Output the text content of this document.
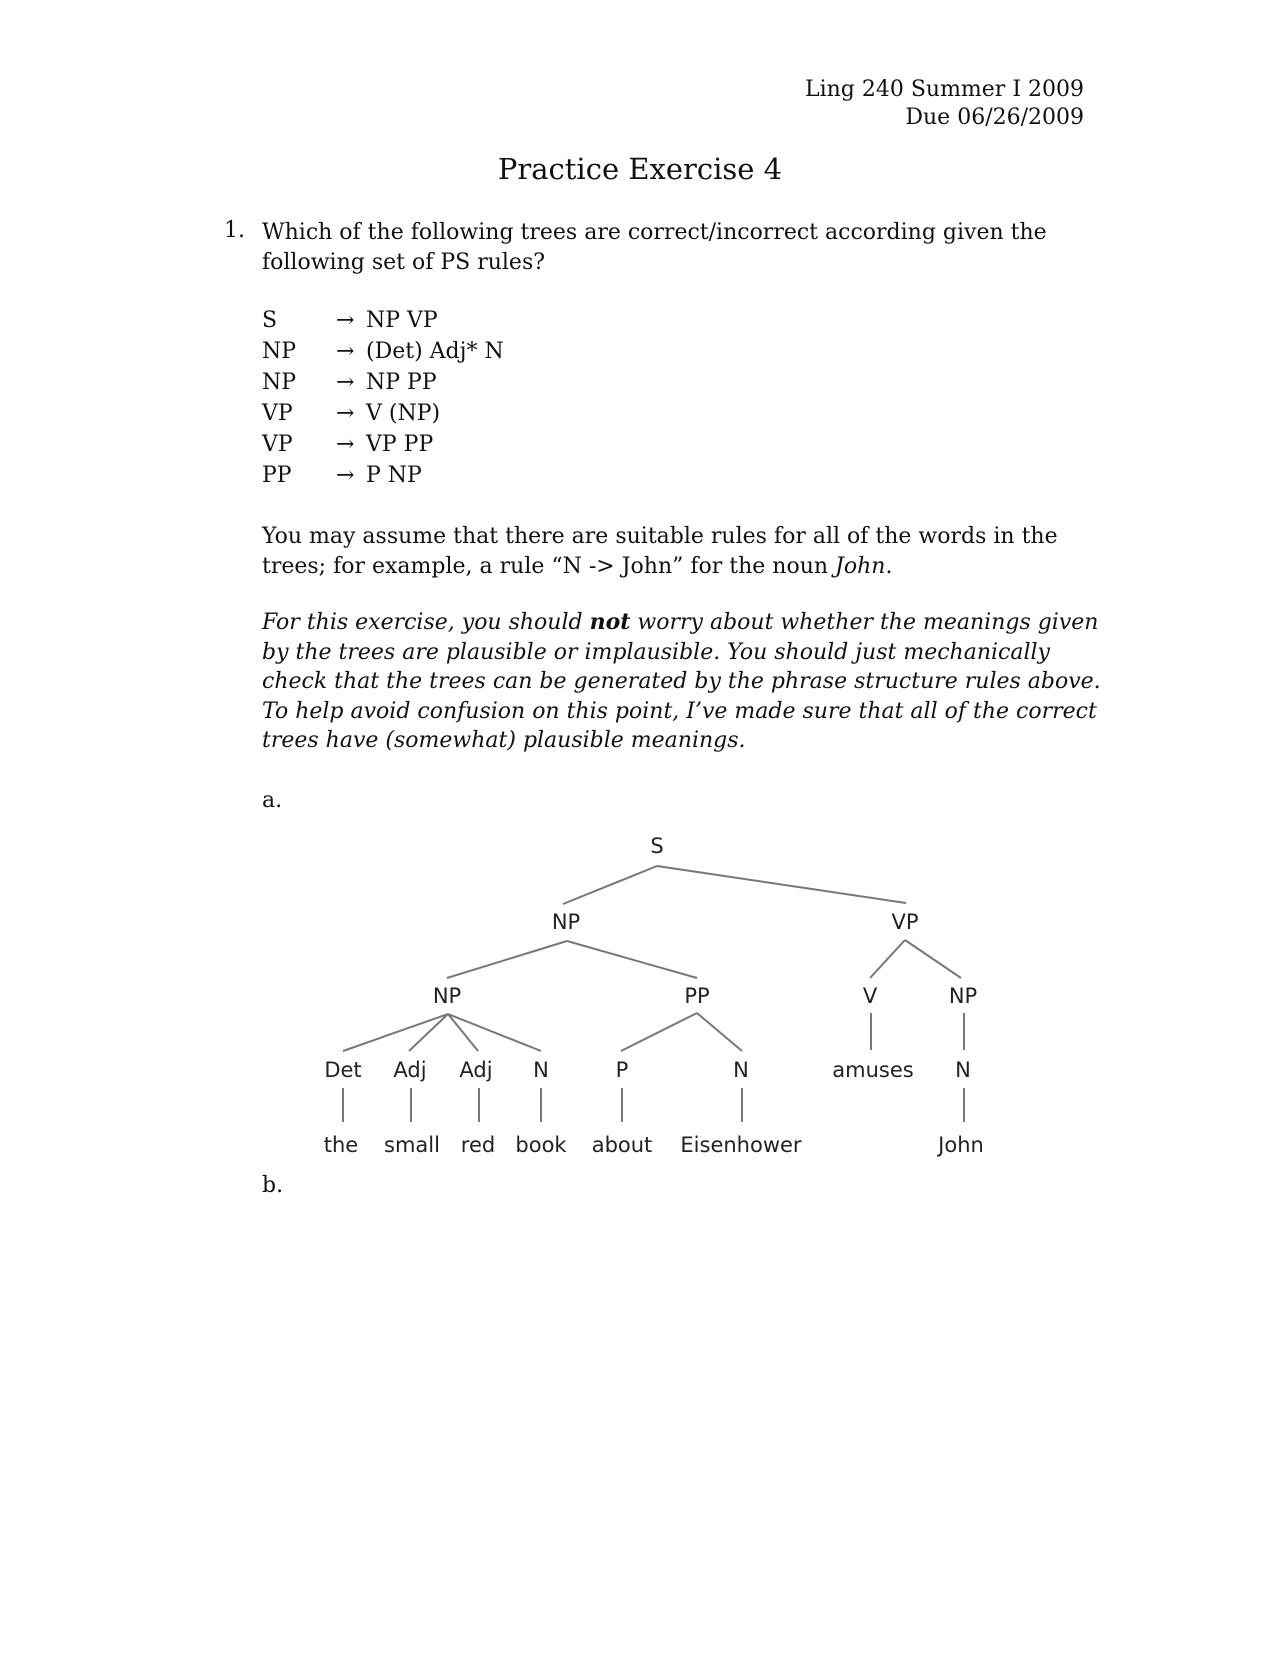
Ling 240 Summer I 2009
Due 06/26/2009
Practice Exercise 4
1. Which of the following trees are correct/incorrect according given the following set of PS rules?
S	→ NP VP
NP → (Det) Adj* N
NP → NP PP
VP → V (NP)
VP → VP PP
PP → P NP
You may assume that there are suitable rules for all of the words in the trees; for example, a rule “N -> John” for the noun John.
For this exercise, you should not worry about whether the meanings given by the trees are plausible or implausible. You should just mechanically check that the trees can be generated by the phrase structure rules above. To help avoid confusion on this point, I’ve made sure that all of the correct trees have (somewhat) plausible meanings.
a.
S
NP	VP
NP	PP	V	NP
Det Adj Adj N	P	N	amuses N
the small red book about Eisenhower	John
b.
